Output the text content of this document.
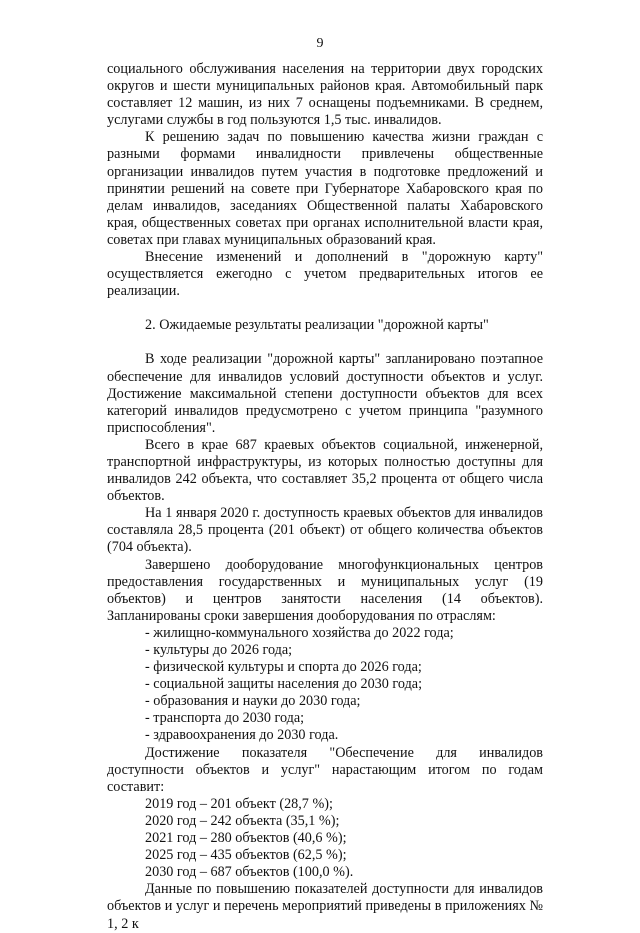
9

социального обслуживания населения на территории двух городских округов и шести муниципальных районов края. Автомобильный парк составляет 12 машин, из них 7 оснащены подъемниками. В среднем, услугами службы в год пользуются 1,5 тыс. инвалидов.

К решению задач по повышению качества жизни граждан с разными формами инвалидности привлечены общественные организации инвалидов путем участия в подготовке предложений и принятии решений на совете при Губернаторе Хабаровского края по делам инвалидов, заседаниях Общественной палаты Хабаровского края, общественных советах при органах исполнительной власти края, советах при главах муниципальных образований края.

Внесение изменений и дополнений в "дорожную карту" осуществляется ежегодно с учетом предварительных итогов ее реализации.

2. Ожидаемые результаты реализации "дорожной карты"

В ходе реализации "дорожной карты" запланировано поэтапное обеспечение для инвалидов условий доступности объектов и услуг. Достижение максимальной степени доступности объектов для всех категорий инвалидов предусмотрено с учетом принципа "разумного приспособления".

Всего в крае 687 краевых объектов социальной, инженерной, транспортной инфраструктуры, из которых полностью доступны для инвалидов 242 объекта, что составляет 35,2 процента от общего числа объектов.

На 1 января 2020 г. доступность краевых объектов для инвалидов составляла 28,5 процента (201 объект) от общего количества объектов (704 объекта).

Завершено дооборудование многофункциональных центров предоставления государственных и муниципальных услуг (19 объектов) и центров занятости населения (14 объектов). Запланированы сроки завершения дооборудования по отраслям:

- жилищно-коммунального хозяйства до 2022 года;

- культуры до 2026 года;

- физической культуры и спорта до 2026 года;

- социальной защиты населения до 2030 года;

- образования и науки до 2030 года;

- транспорта до 2030 года;

- здравоохранения до 2030 года.

Достижение показателя "Обеспечение для инвалидов доступности объектов и услуг" нарастающим итогом по годам составит:

2019 год – 201 объект (28,7 %);

2020 год – 242 объекта (35,1 %);

2021 год – 280 объектов (40,6 %);

2025 год – 435 объектов (62,5 %);

2030 год – 687 объектов (100,0 %).

Данные по повышению показателей доступности для инвалидов объектов и услуг и перечень мероприятий приведены в приложениях № 1, 2 к
